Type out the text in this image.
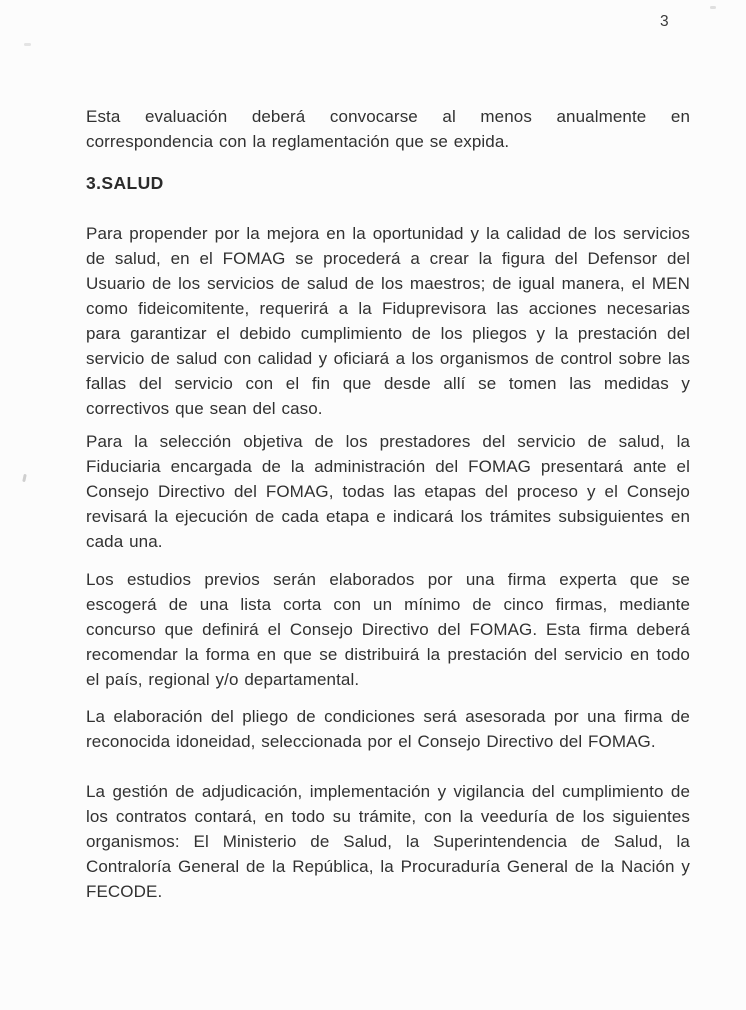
3

Esta evaluación deberá convocarse al menos anualmente en correspondencia con la reglamentación que se expida.

3.SALUD

Para propender por la mejora en la oportunidad y la calidad de los servicios de salud, en el FOMAG se procederá a crear la figura del Defensor del Usuario de los servicios de salud de los maestros; de igual manera, el MEN como fideicomitente, requerirá a la Fiduprevisora las acciones necesarias para garantizar el debido cumplimiento de los pliegos y la prestación del servicio de salud con calidad y oficiará a los organismos de control sobre las fallas del servicio con el fin que desde allí se tomen las medidas y correctivos que sean del caso.

Para la selección objetiva de los prestadores del servicio de salud, la Fiduciaria encargada de la administración del FOMAG presentará ante el Consejo Directivo del FOMAG, todas las etapas del proceso y el Consejo revisará la ejecución de cada etapa e indicará los trámites subsiguientes en cada una.

Los estudios previos serán elaborados por una firma experta que se escogerá de una lista corta con un mínimo de cinco firmas, mediante concurso que definirá el Consejo Directivo del FOMAG. Esta firma deberá recomendar la forma en que se distribuirá la prestación del servicio en todo el país, regional y/o departamental.

La elaboración del pliego de condiciones será asesorada por una firma de reconocida idoneidad, seleccionada por el Consejo Directivo del FOMAG.

La gestión de adjudicación, implementación y vigilancia del cumplimiento de los contratos contará, en todo su trámite, con la veeduría de los siguientes organismos: El Ministerio de Salud, la Superintendencia de Salud, la Contraloría General de la República, la Procuraduría General de la Nación y FECODE.
